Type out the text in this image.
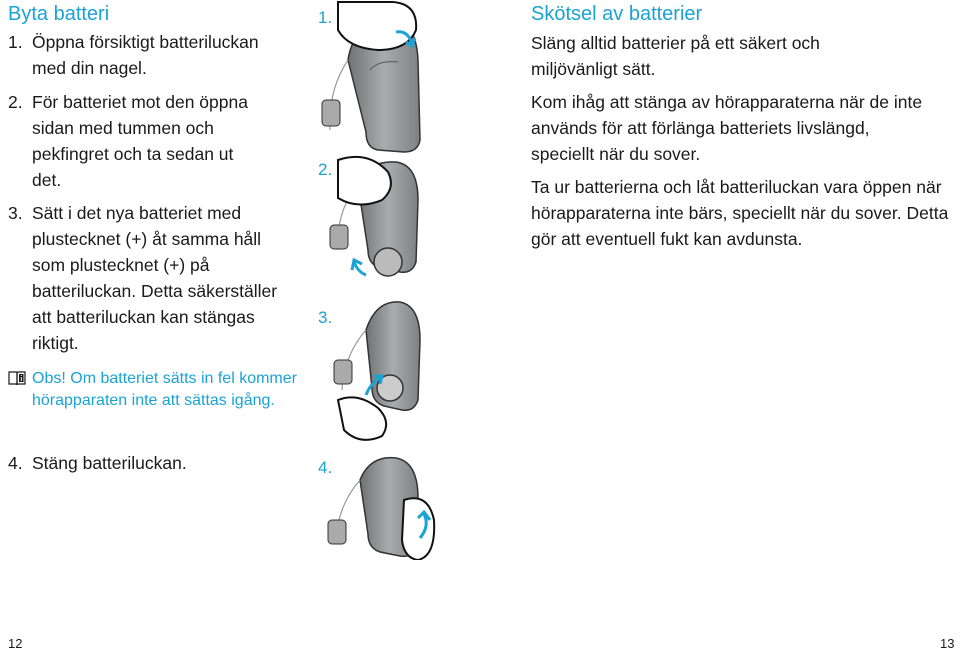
Byta batteri
1. Öppna försiktigt batteriluckan med din nagel.
2. För batteriet mot den öppna sidan med tummen och pekfingret och ta sedan ut det.
3. Sätt i det nya batteriet med plustecknet (+) åt samma håll som plustecknet (+) på batteriluckan. Detta säkerställer att batteriluckan kan stängas riktigt.
Obs! Om batteriet sätts in fel kommer hörapparaten inte att sättas igång.
4. Stäng batteriluckan.
12
1.
2.
3.
4.
Skötsel av batterier
Släng alltid batterier på ett säkert och miljövänligt sätt.
Kom ihåg att stänga av hörapparaterna när de inte används för att förlänga batteriets livslängd, speciellt när du sover.
Ta ur batterierna och låt batteriluckan vara öppen när hörapparaterna inte bärs, speciellt när du sover. Detta gör att eventuell fukt kan avdunsta.
13
